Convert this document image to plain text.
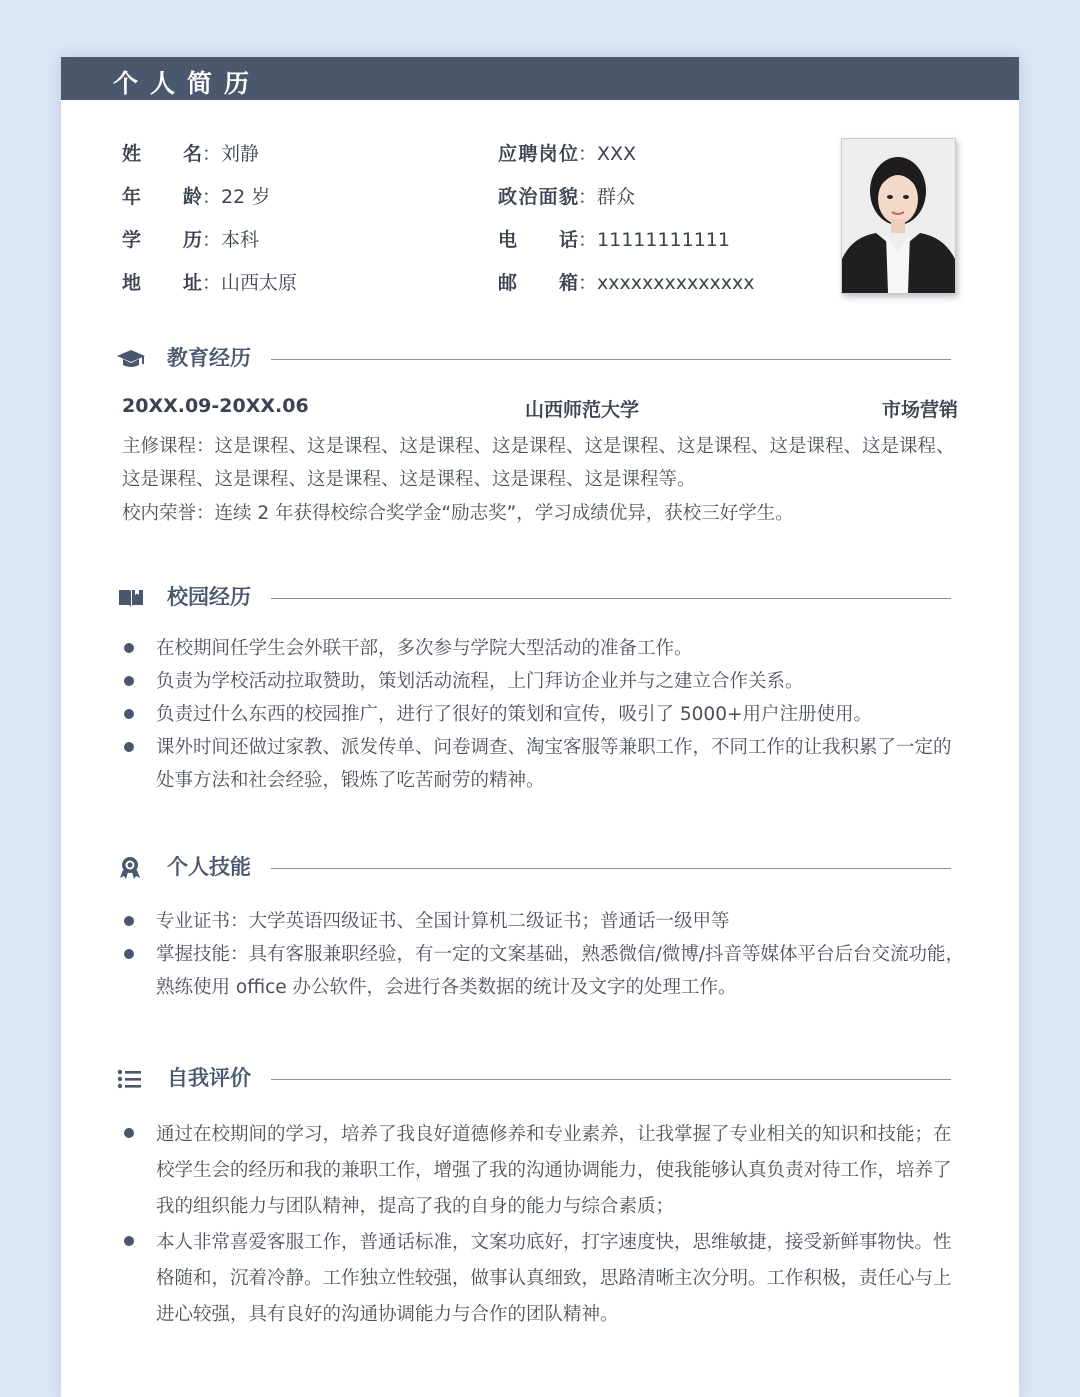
个人简历
姓名：刘静
年龄：22 岁
学历：本科
地址：山西太原
应聘岗位：XXX
政治面貌：群众
电话：11111111111
邮箱：xxxxxxxxxxxxxx
教育经历
20XX.09-20XX.06	山西师范大学	市场营销
主修课程：这是课程、这是课程、这是课程、这是课程、这是课程、这是课程、这是课程、这是课程、这是课程、这是课程、这是课程、这是课程、这是课程、这是课程等。
校内荣誉：连续 2 年获得校综合奖学金“励志奖”，学习成绩优异，获校三好学生。
校园经历
在校期间任学生会外联干部，多次参与学院大型活动的准备工作。
负责为学校活动拉取赞助，策划活动流程，上门拜访企业并与之建立合作关系。
负责过什么东西的校园推广，进行了很好的策划和宣传，吸引了 5000+用户注册使用。
课外时间还做过家教、派发传单、问卷调查、淘宝客服等兼职工作，不同工作的让我积累了一定的处事方法和社会经验，锻炼了吃苦耐劳的精神。
个人技能
专业证书：大学英语四级证书、全国计算机二级证书；普通话一级甲等
掌握技能：具有客服兼职经验，有一定的文案基础，熟悉微信/微博/抖音等媒体平台后台交流功能，熟练使用 office 办公软件，会进行各类数据的统计及文字的处理工作。
自我评价
通过在校期间的学习，培养了我良好道德修养和专业素养，让我掌握了专业相关的知识和技能；在校学生会的经历和我的兼职工作，增强了我的沟通协调能力，使我能够认真负责对待工作，培养了我的组织能力与团队精神，提高了我的自身的能力与综合素质；
本人非常喜爱客服工作，普通话标准，文案功底好，打字速度快，思维敏捷，接受新鲜事物快。性格随和，沉着冷静。工作独立性较强，做事认真细致，思路清晰主次分明。工作积极，责任心与上进心较强，具有良好的沟通协调能力与合作的团队精神。
